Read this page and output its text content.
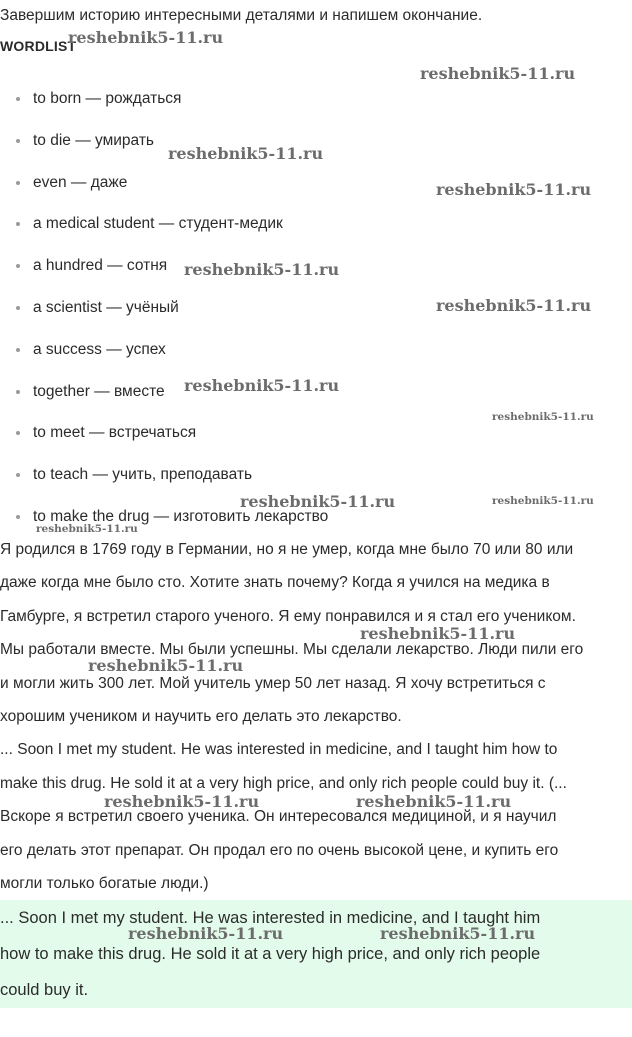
Завершим историю интересными деталями и напишем окончание.

WORDLIST

to born — рождаться
to die — умирать
even — даже
a medical student — студент-медик
a hundred — сотня
a scientist — учёный
a success — успех
together — вместе
to meet — встречаться
to teach — учить, преподавать
to make the drug — изготовить лекарство

Я родился в 1769 году в Германии, но я не умер, когда мне было 70 или 80 или
даже когда мне было сто. Хотите знать почему? Когда я учился на медика в
Гамбурге, я встретил старого ученого. Я ему понравился и я стал его учеником.
Мы работали вместе. Мы были успешны. Мы сделали лекарство. Люди пили его
и могли жить 300 лет. Мой учитель умер 50 лет назад. Я хочу встретиться с
хорошим учеником и научить его делать это лекарство.

... Soon I met my student. He was interested in medicine, and I taught him how to
make this drug. He sold it at a very high price, and only rich people could buy it. (...
Вскоре я встретил своего ученика. Он интересовался медициной, и я научил
его делать этот препарат. Он продал его по очень высокой цене, и купить его
могли только богатые люди.)

... Soon I met my student. He was interested in medicine, and I taught him
how to make this drug. He sold it at a very high price, and only rich people
could buy it.

reshebnik5-11.ru
reshebnik5-11.ru
reshebnik5-11.ru
reshebnik5-11.ru
reshebnik5-11.ru
reshebnik5-11.ru
reshebnik5-11.ru
reshebnik5-11.ru
reshebnik5-11.ru	reshebnik5-11.ru
reshebnik5-11.ru
reshebnik5-11.ru
reshebnik5-11.ru
reshebnik5-11.ru	reshebnik5-11.ru
reshebnik5-11.ru	reshebnik5-11.ru
